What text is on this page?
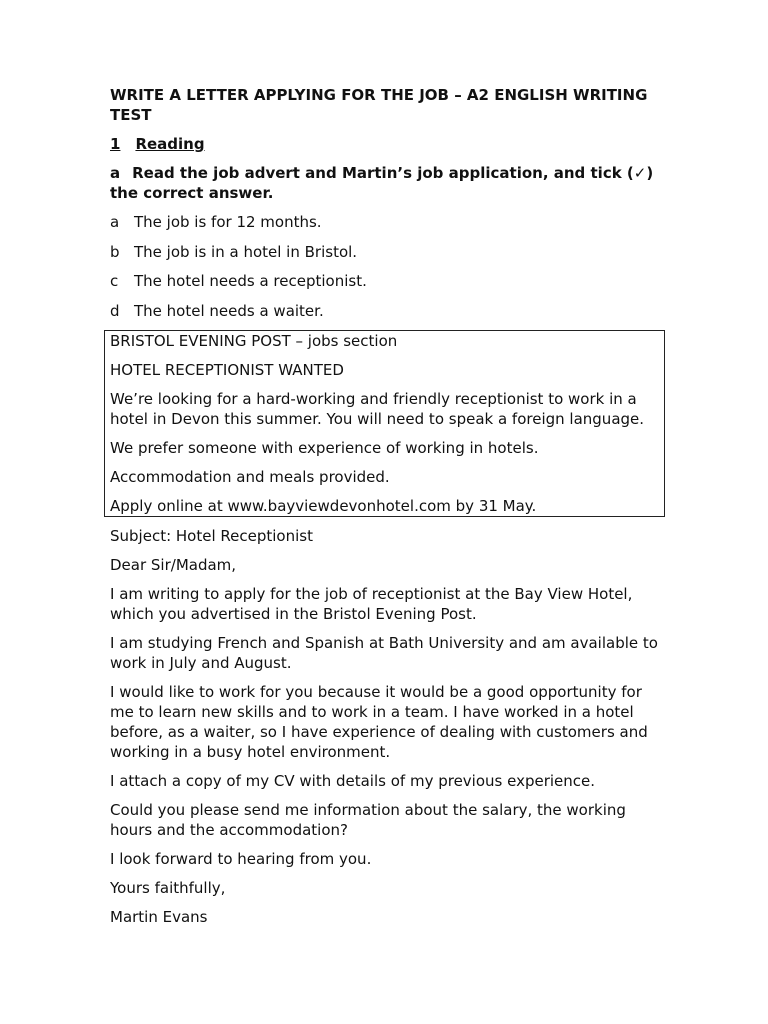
WRITE A LETTER APPLYING FOR THE JOB – A2 ENGLISH WRITING TEST

1 Reading

a Read the job advert and Martin’s job application, and tick (✓) the correct answer.

a The job is for 12 months.

b The job is in a hotel in Bristol.

c The hotel needs a receptionist.

d The hotel needs a waiter.

BRISTOL EVENING POST – jobs section

HOTEL RECEPTIONIST WANTED

We’re looking for a hard-working and friendly receptionist to work in a hotel in Devon this summer. You will need to speak a foreign language.

We prefer someone with experience of working in hotels.

Accommodation and meals provided.

Apply online at www.bayviewdevonhotel.com by 31 May.

Subject: Hotel Receptionist

Dear Sir/Madam,

I am writing to apply for the job of receptionist at the Bay View Hotel, which you advertised in the Bristol Evening Post.

I am studying French and Spanish at Bath University and am available to work in July and August.

I would like to work for you because it would be a good opportunity for me to learn new skills and to work in a team. I have worked in a hotel before, as a waiter, so I have experience of dealing with customers and working in a busy hotel environment.

I attach a copy of my CV with details of my previous experience.

Could you please send me information about the salary, the working hours and the accommodation?

I look forward to hearing from you.

Yours faithfully,

Martin Evans
